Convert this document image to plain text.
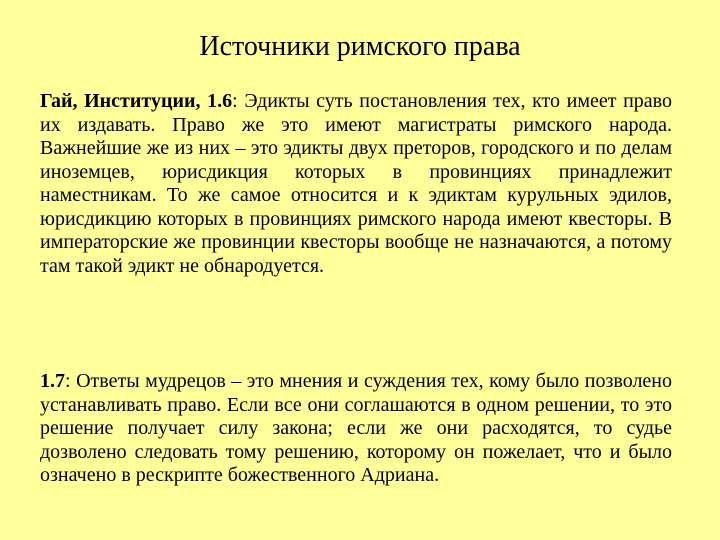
Источники римского права

Гай, Институции, 1.6: Эдикты суть постановления тех, кто имеет право их издавать. Право же это имеют магистраты римского народа. Важнейшие же из них – это эдикты двух преторов, городского и по делам иноземцев, юрисдикция которых в провинциях принадлежит наместникам. То же самое относится и к эдиктам курульных эдилов, юрисдикцию которых в провинциях римского народа имеют квесторы. В императорские же провинции квесторы вообще не назначаются, а потому там такой эдикт не обнародуется.

1.7: Ответы мудрецов – это мнения и суждения тех, кому было позволено устанавливать право. Если все они соглашаются в одном решении, то это решение получает силу закона; если же они расходятся, то судье дозволено следовать тому решению, которому он пожелает, что и было означено в рескрипте божественного Адриана.
